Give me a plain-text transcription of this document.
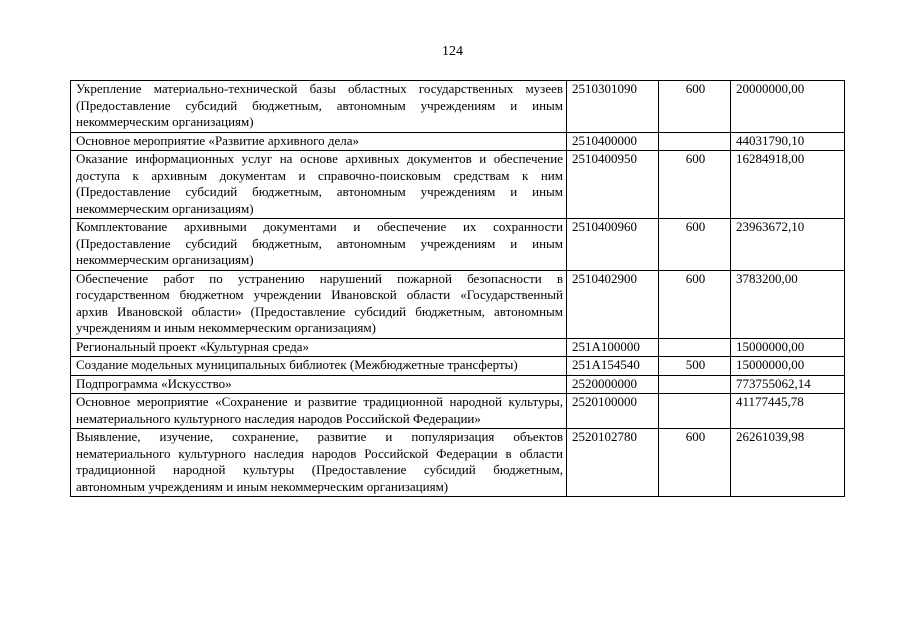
124
Укрепление материально-технической базы областных государственных музеев (Предоставление субсидий бюджетным, автономным учреждениям и иным некоммерческим организациям)	2510301090	600	20000000,00
Основное мероприятие «Развитие архивного дела»	2510400000		44031790,10
Оказание информационных услуг на основе архивных документов и обеспечение доступа к архивным документам и справочно-поисковым средствам к ним (Предоставление субсидий бюджетным, автономным учреждениям и иным некоммерческим организациям)	2510400950	600	16284918,00
Комплектование архивными документами и обеспечение их сохранности (Предоставление субсидий бюджетным, автономным учреждениям и иным некоммерческим организациям)	2510400960	600	23963672,10
Обеспечение работ по устранению нарушений пожарной безопасности в государственном бюджетном учреждении Ивановской области «Государственный архив Ивановской области» (Предоставление субсидий бюджетным, автономным учреждениям и иным некоммерческим организациям)	2510402900	600	3783200,00
Региональный проект «Культурная среда»	251A100000		15000000,00
Создание модельных муниципальных библиотек (Межбюджетные трансферты)	251A154540	500	15000000,00
Подпрограмма «Искусство»	2520000000		773755062,14
Основное мероприятие «Сохранение и развитие традиционной народной культуры, нематериального культурного наследия народов Российской Федерации»	2520100000		41177445,78
Выявление, изучение, сохранение, развитие и популяризация объектов нематериального культурного наследия народов Российской Федерации в области традиционной народной культуры (Предоставление субсидий бюджетным, автономным учреждениям и иным некоммерческим организациям)	2520102780	600	26261039,98
